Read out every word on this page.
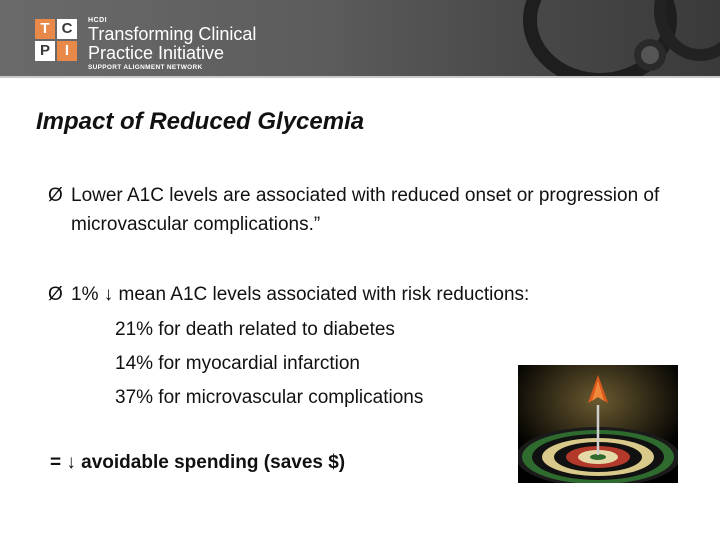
T C
P I
HCDI
Transforming Clinical
Practice Initiative
SUPPORT ALIGNMENT NETWORK
Impact of Reduced Glycemia
Ø Lower A1C levels are associated with reduced onset or progression of microvascular complications.”
Ø 1% ↓ mean A1C levels associated with risk reductions:
21% for death related to diabetes
14% for myocardial infarction
37% for microvascular complications
= ↓ avoidable spending (saves $)
